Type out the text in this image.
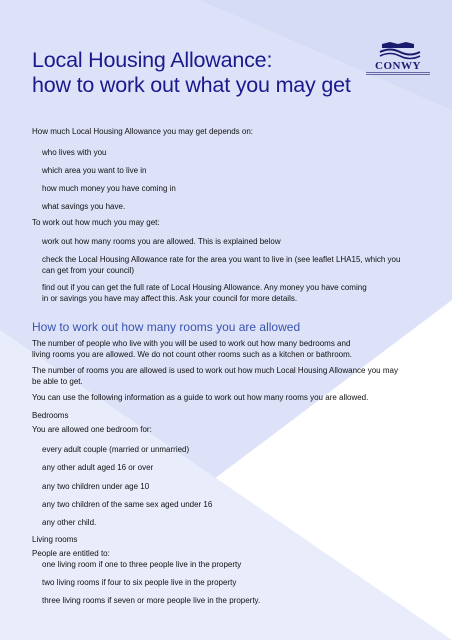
Local Housing Allowance:
how to work out what you may get
CONWY
How much Local Housing Allowance you may get depends on:
who lives with you
which area you want to live in
how much money you have coming in
what savings you have.
To work out how much you may get:
work out how many rooms you are allowed. This is explained below
check the Local Housing Allowance rate for the area you want to live in (see leaflet LHA15, which you
can get from your council)
find out if you can get the full rate of Local Housing Allowance. Any money you have coming
in or savings you have may affect this. Ask your council for more details.
How to work out how many rooms you are allowed
The number of people who live with you will be used to work out how many bedrooms and
living rooms you are allowed. We do not count other rooms such as a kitchen or bathroom.
The number of rooms you are allowed is used to work out how much Local Housing Allowance you may
be able to get.
You can use the following information as a guide to work out how many rooms you are allowed.
Bedrooms
You are allowed one bedroom for:
every adult couple (married or unmarried)
any other adult aged 16 or over
any two children under age 10
any two children of the same sex aged under 16
any other child.
Living rooms
People are entitled to:
one living room if one to three people live in the property
two living rooms if four to six people live in the property
three living rooms if seven or more people live in the property.
